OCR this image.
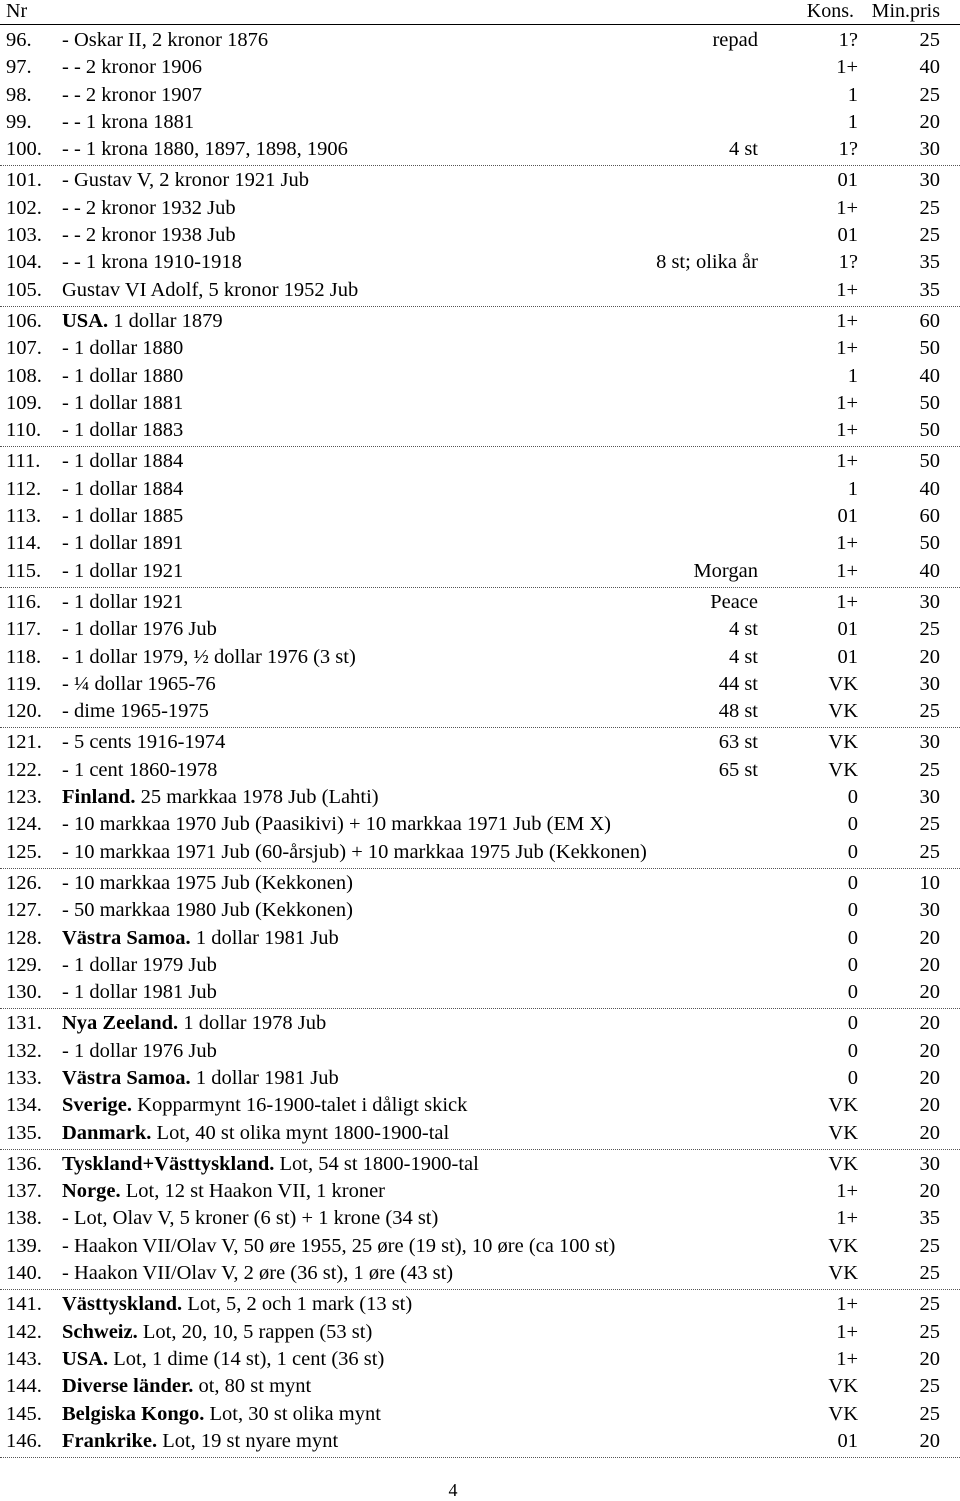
Nr	Kons. Min.pris
96. - Oskar II, 2 kronor 1876	repad	1?	25
97. - - 2 kronor 1906	1+	40
98. - - 2 kronor 1907	1	25
99. - - 1 krona 1881	1	20
100. - - 1 krona 1880, 1897, 1898, 1906	4 st	1?	30
101. - Gustav V, 2 kronor 1921 Jub	01	30
102. - - 2 kronor 1932 Jub	1+	25
103. - - 2 kronor 1938 Jub	01	25
104. - - 1 krona 1910-1918	8 st; olika år	1?	35
105. Gustav VI Adolf, 5 kronor 1952 Jub	1+	35
106. USA. 1 dollar 1879	1+	60
107. - 1 dollar 1880	1+	50
108. - 1 dollar 1880	1	40
109. - 1 dollar 1881	1+	50
110. - 1 dollar 1883	1+	50
111. - 1 dollar 1884	1+	50
112. - 1 dollar 1884	1	40
113. - 1 dollar 1885	01	60
114. - 1 dollar 1891	1+	50
115. - 1 dollar 1921	Morgan	1+	40
116. - 1 dollar 1921	Peace	1+	30
117. - 1 dollar 1976 Jub	4 st	01	25
118. - 1 dollar 1979, ½ dollar 1976 (3 st)	4 st	01	20
119. - ¼ dollar 1965-76	44 st	VK	30
120. - dime 1965-1975	48 st	VK	25
121. - 5 cents 1916-1974	63 st	VK	30
122. - 1 cent 1860-1978	65 st	VK	25
123. Finland. 25 markkaa 1978 Jub (Lahti)	0	30
124. - 10 markkaa 1970 Jub (Paasikivi) + 10 markkaa 1971 Jub (EM X)	0	25
125. - 10 markkaa 1971 Jub (60-årsjub) + 10 markkaa 1975 Jub (Kekkonen)	0	25
126. - 10 markkaa 1975 Jub (Kekkonen)	0	10
127. - 50 markkaa 1980 Jub (Kekkonen)	0	30
128. Västra Samoa. 1 dollar 1981 Jub	0	20
129. - 1 dollar 1979 Jub	0	20
130. - 1 dollar 1981 Jub	0	20
131. Nya Zeeland. 1 dollar 1978 Jub	0	20
132. - 1 dollar 1976 Jub	0	20
133. Västra Samoa. 1 dollar 1981 Jub	0	20
134. Sverige. Kopparmynt 16-1900-talet i dåligt skick	VK	20
135. Danmark. Lot, 40 st olika mynt 1800-1900-tal	VK	20
136. Tyskland+Västtyskland. Lot, 54 st 1800-1900-tal	VK	30
137. Norge. Lot, 12 st Haakon VII, 1 kroner	1+	20
138. - Lot, Olav V, 5 kroner (6 st) + 1 krone (34 st)	1+	35
139. - Haakon VII/Olav V, 50 øre 1955, 25 øre (19 st), 10 øre (ca 100 st)	VK	25
140. - Haakon VII/Olav V, 2 øre (36 st), 1 øre (43 st)	VK	25
141. Västtyskland. Lot, 5, 2 och 1 mark (13 st)	1+	25
142. Schweiz. Lot, 20, 10, 5 rappen (53 st)	1+	25
143. USA. Lot, 1 dime (14 st), 1 cent (36 st)	1+	20
144. Diverse länder. ot, 80 st mynt	VK	25
145. Belgiska Kongo. Lot, 30 st olika mynt	VK	25
146. Frankrike. Lot, 19 st nyare mynt	01	20
4
